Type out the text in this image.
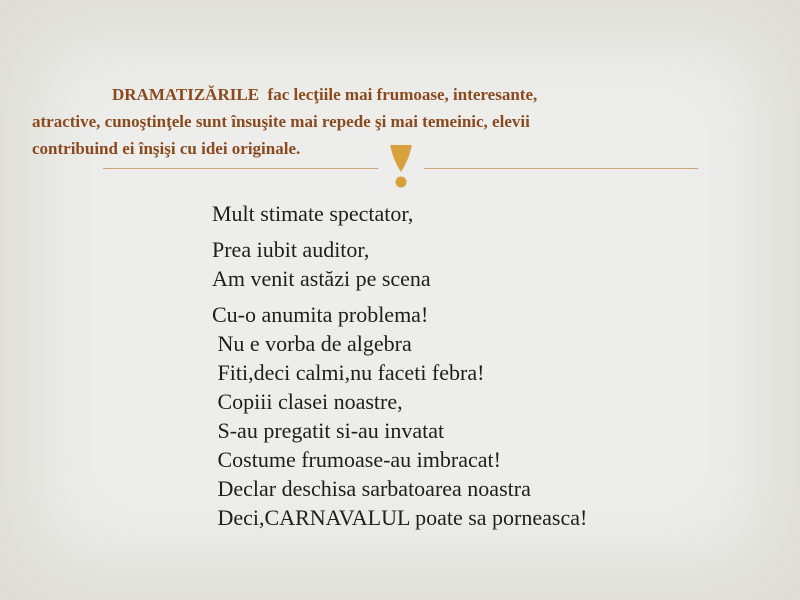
DRAMATIZĂRILE  fac lecţiile mai frumoase, interesante,
atractive, cunoştinţele sunt însuşite mai repede şi mai temeinic, elevii
contribuind ei înşişi cu idei originale.
Mult stimate spectator,
Prea iubit auditor,
Am venit astăzi pe scena
Cu-o anumita problema!
Nu e vorba de algebra
Fiti,deci calmi,nu faceti febra!
Copiii clasei noastre,
S-au pregatit si-au invatat
Costume frumoase-au imbracat!
Declar deschisa sarbatoarea noastra
Deci,CARNAVALUL poate sa porneasca!
